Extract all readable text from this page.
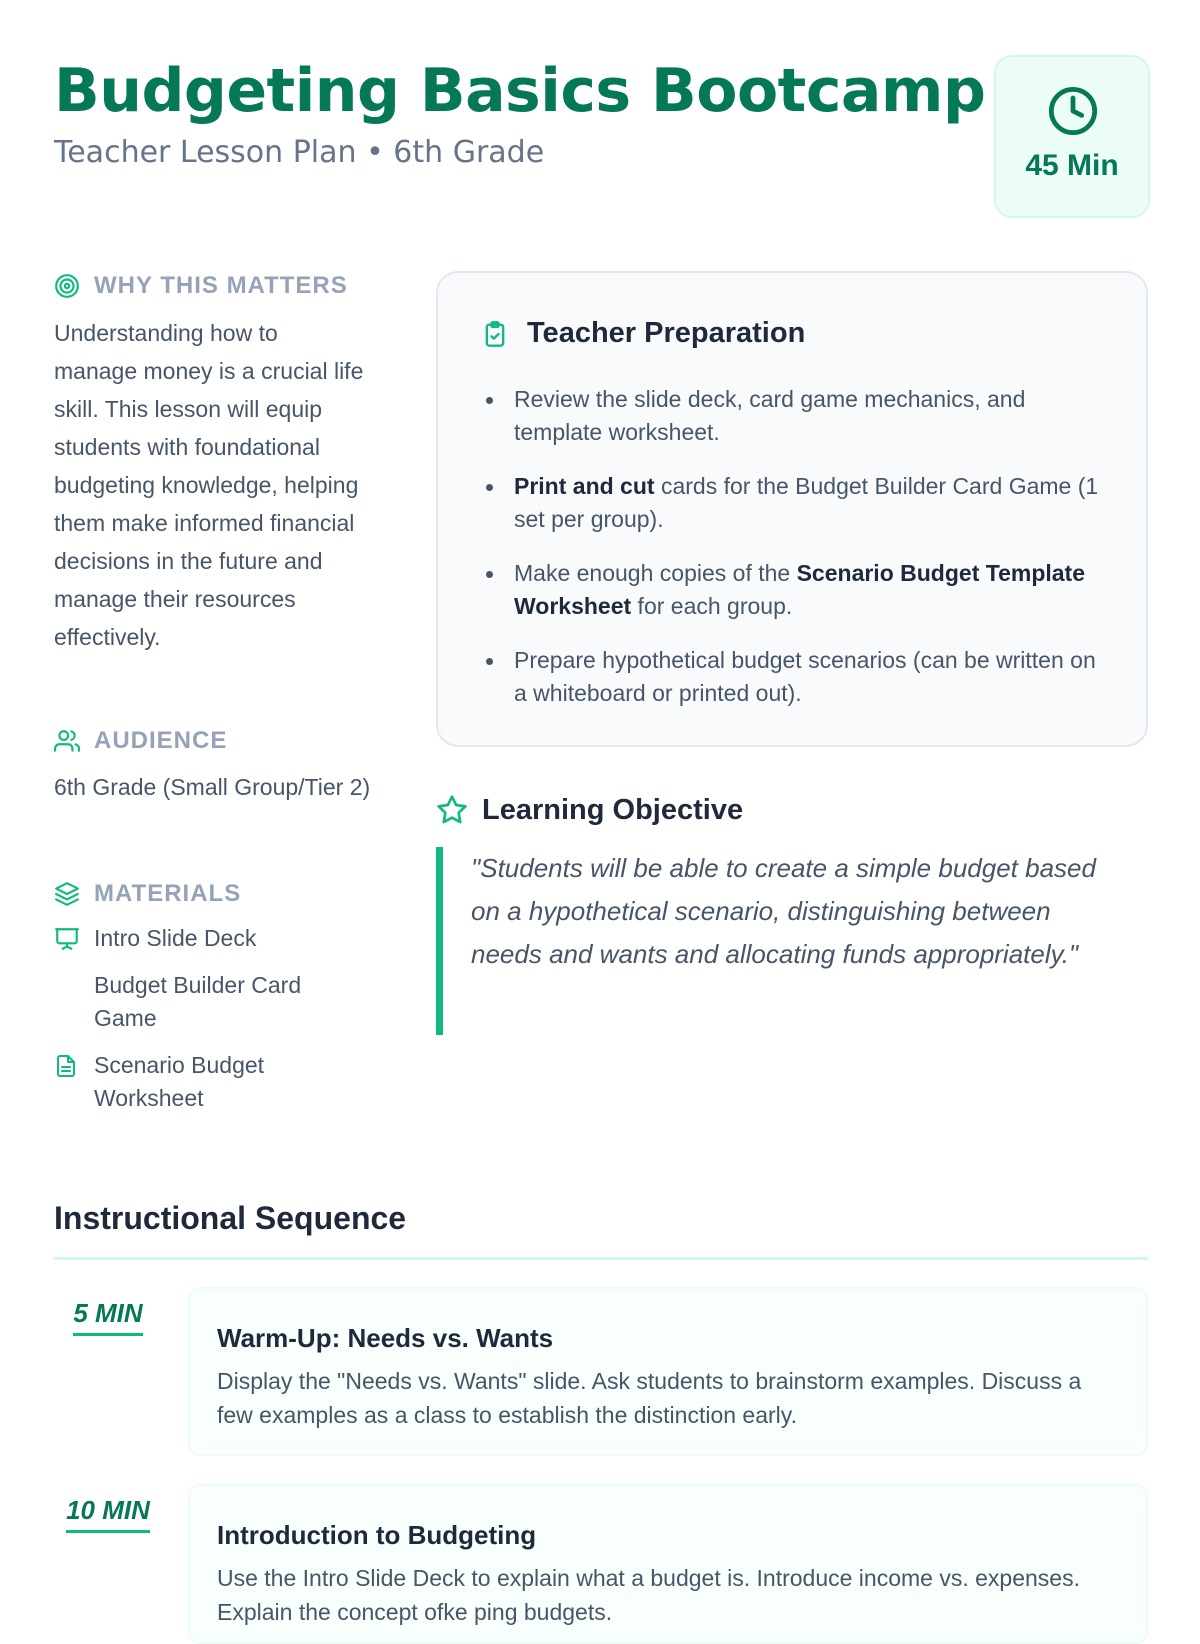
Budgeting Basics Bootcamp
Teacher Lesson Plan • 6th Grade	45 Min
WHY THIS MATTERS

Understanding how to manage money is a crucial life skill. This lesson will equip students with foundational budgeting knowledge, helping them make informed financial decisions in the future and manage their resources effectively.

AUDIENCE

6th Grade (Small Group/Tier 2)

MATERIALS
Intro Slide Deck
Budget Builder Card Game
Scenario Budget Worksheet
Teacher Preparation
Review the slide deck, card game mechanics, and template worksheet.
Print and cut cards for the Budget Builder Card Game (1 set per group).
Make enough copies of the Scenario Budget Template Worksheet for each group.
Prepare hypothetical budget scenarios (can be written on a whiteboard or printed out).
Learning Objective
"Students will be able to create a simple budget based on a hypothetical scenario, distinguishing between needs and wants and allocating funds appropriately."
Instructional Sequence
5 MIN
Warm-Up: Needs vs. Wants
Display the "Needs vs. Wants" slide. Ask students to brainstorm examples. Discuss a few examples as a class to establish the distinction early.
10 MIN
Introduction to Budgeting
Use the Intro Slide Deck to explain what a budget is. Introduce income vs. expenses. Explain the concept ofke ping budgets.
